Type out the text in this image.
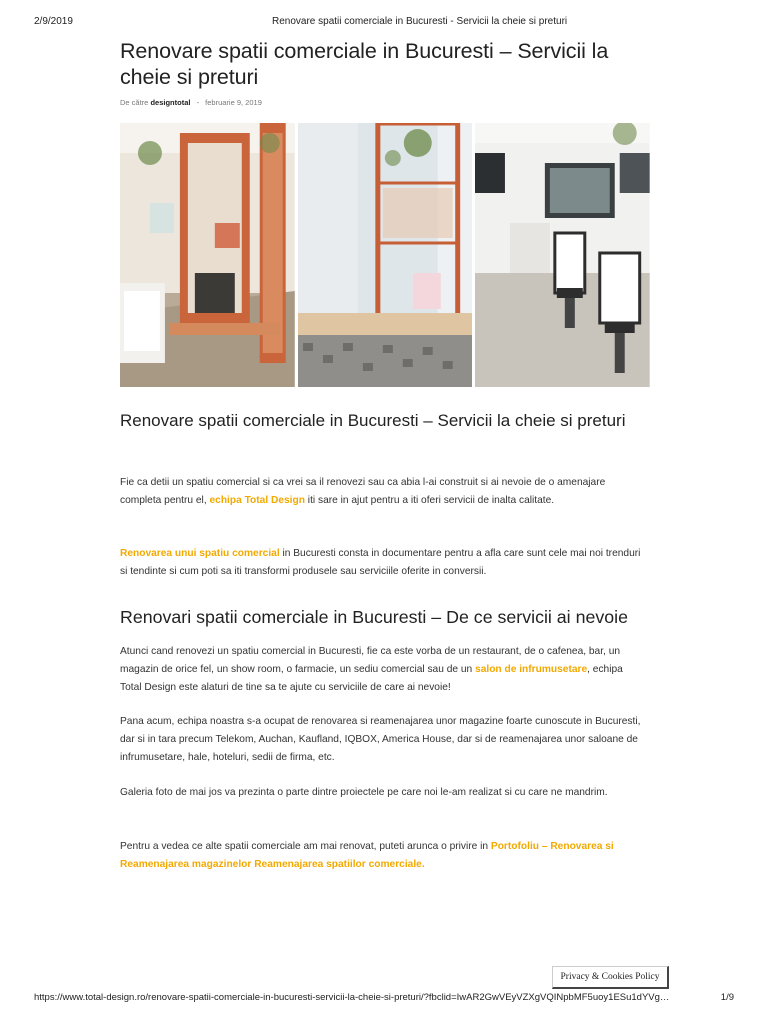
2/9/2019	Renovare spatii comerciale in Bucuresti - Servicii la cheie si preturi
Renovare spatii comerciale in Bucuresti – Servicii la cheie si preturi
De către designtotal - februarie 9, 2019
Renovare spatii comerciale in Bucuresti – Servicii la cheie si preturi

Fie ca detii un spatiu comercial si ca vrei sa il renovezi sau ca abia l-ai construit si ai nevoie de o amenajare completa pentru el, echipa Total Design iti sare in ajut pentru a iti oferi servicii de inalta calitate.

Renovarea unui spatiu comercial in Bucuresti consta in documentare pentru a afla care sunt cele mai noi trenduri si tendinte si cum poti sa iti transformi produsele sau serviciile oferite in conversii.

Renovari spatii comerciale in Bucuresti – De ce servicii ai nevoie

Atunci cand renovezi un spatiu comercial in Bucuresti, fie ca este vorba de un restaurant, de o cafenea, bar, un magazin de orice fel, un show room, o farmacie, un sediu comercial sau de un salon de infrumusetare, echipa Total Design este alaturi de tine sa te ajute cu serviciile de care ai nevoie!

Pana acum, echipa noastra s-a ocupat de renovarea si reamenajarea unor magazine foarte cunoscute in Bucuresti, dar si in tara precum Telekom, Auchan, Kaufland, IQBOX, America House, dar si de reamenajarea unor saloane de infrumusetare, hale, hoteluri, sedii de firma, etc.

Galeria foto de mai jos va prezinta o parte dintre proiectele pe care noi le-am realizat si cu care ne mandrim.

Pentru a vedea ce alte spatii comerciale am mai renovat, puteti arunca o privire in Portofoliu – Renovarea si Reamenajarea magazinelor Reamenajarea spatiilor comerciale.

Privacy & Cookies Policy
https://www.total-design.ro/renovare-spatii-comerciale-in-bucuresti-servicii-la-cheie-si-preturi/?fbclid=IwAR2GwVEyVZXgVQINpbMF5uoy1ESu1dYVg…	1/9
